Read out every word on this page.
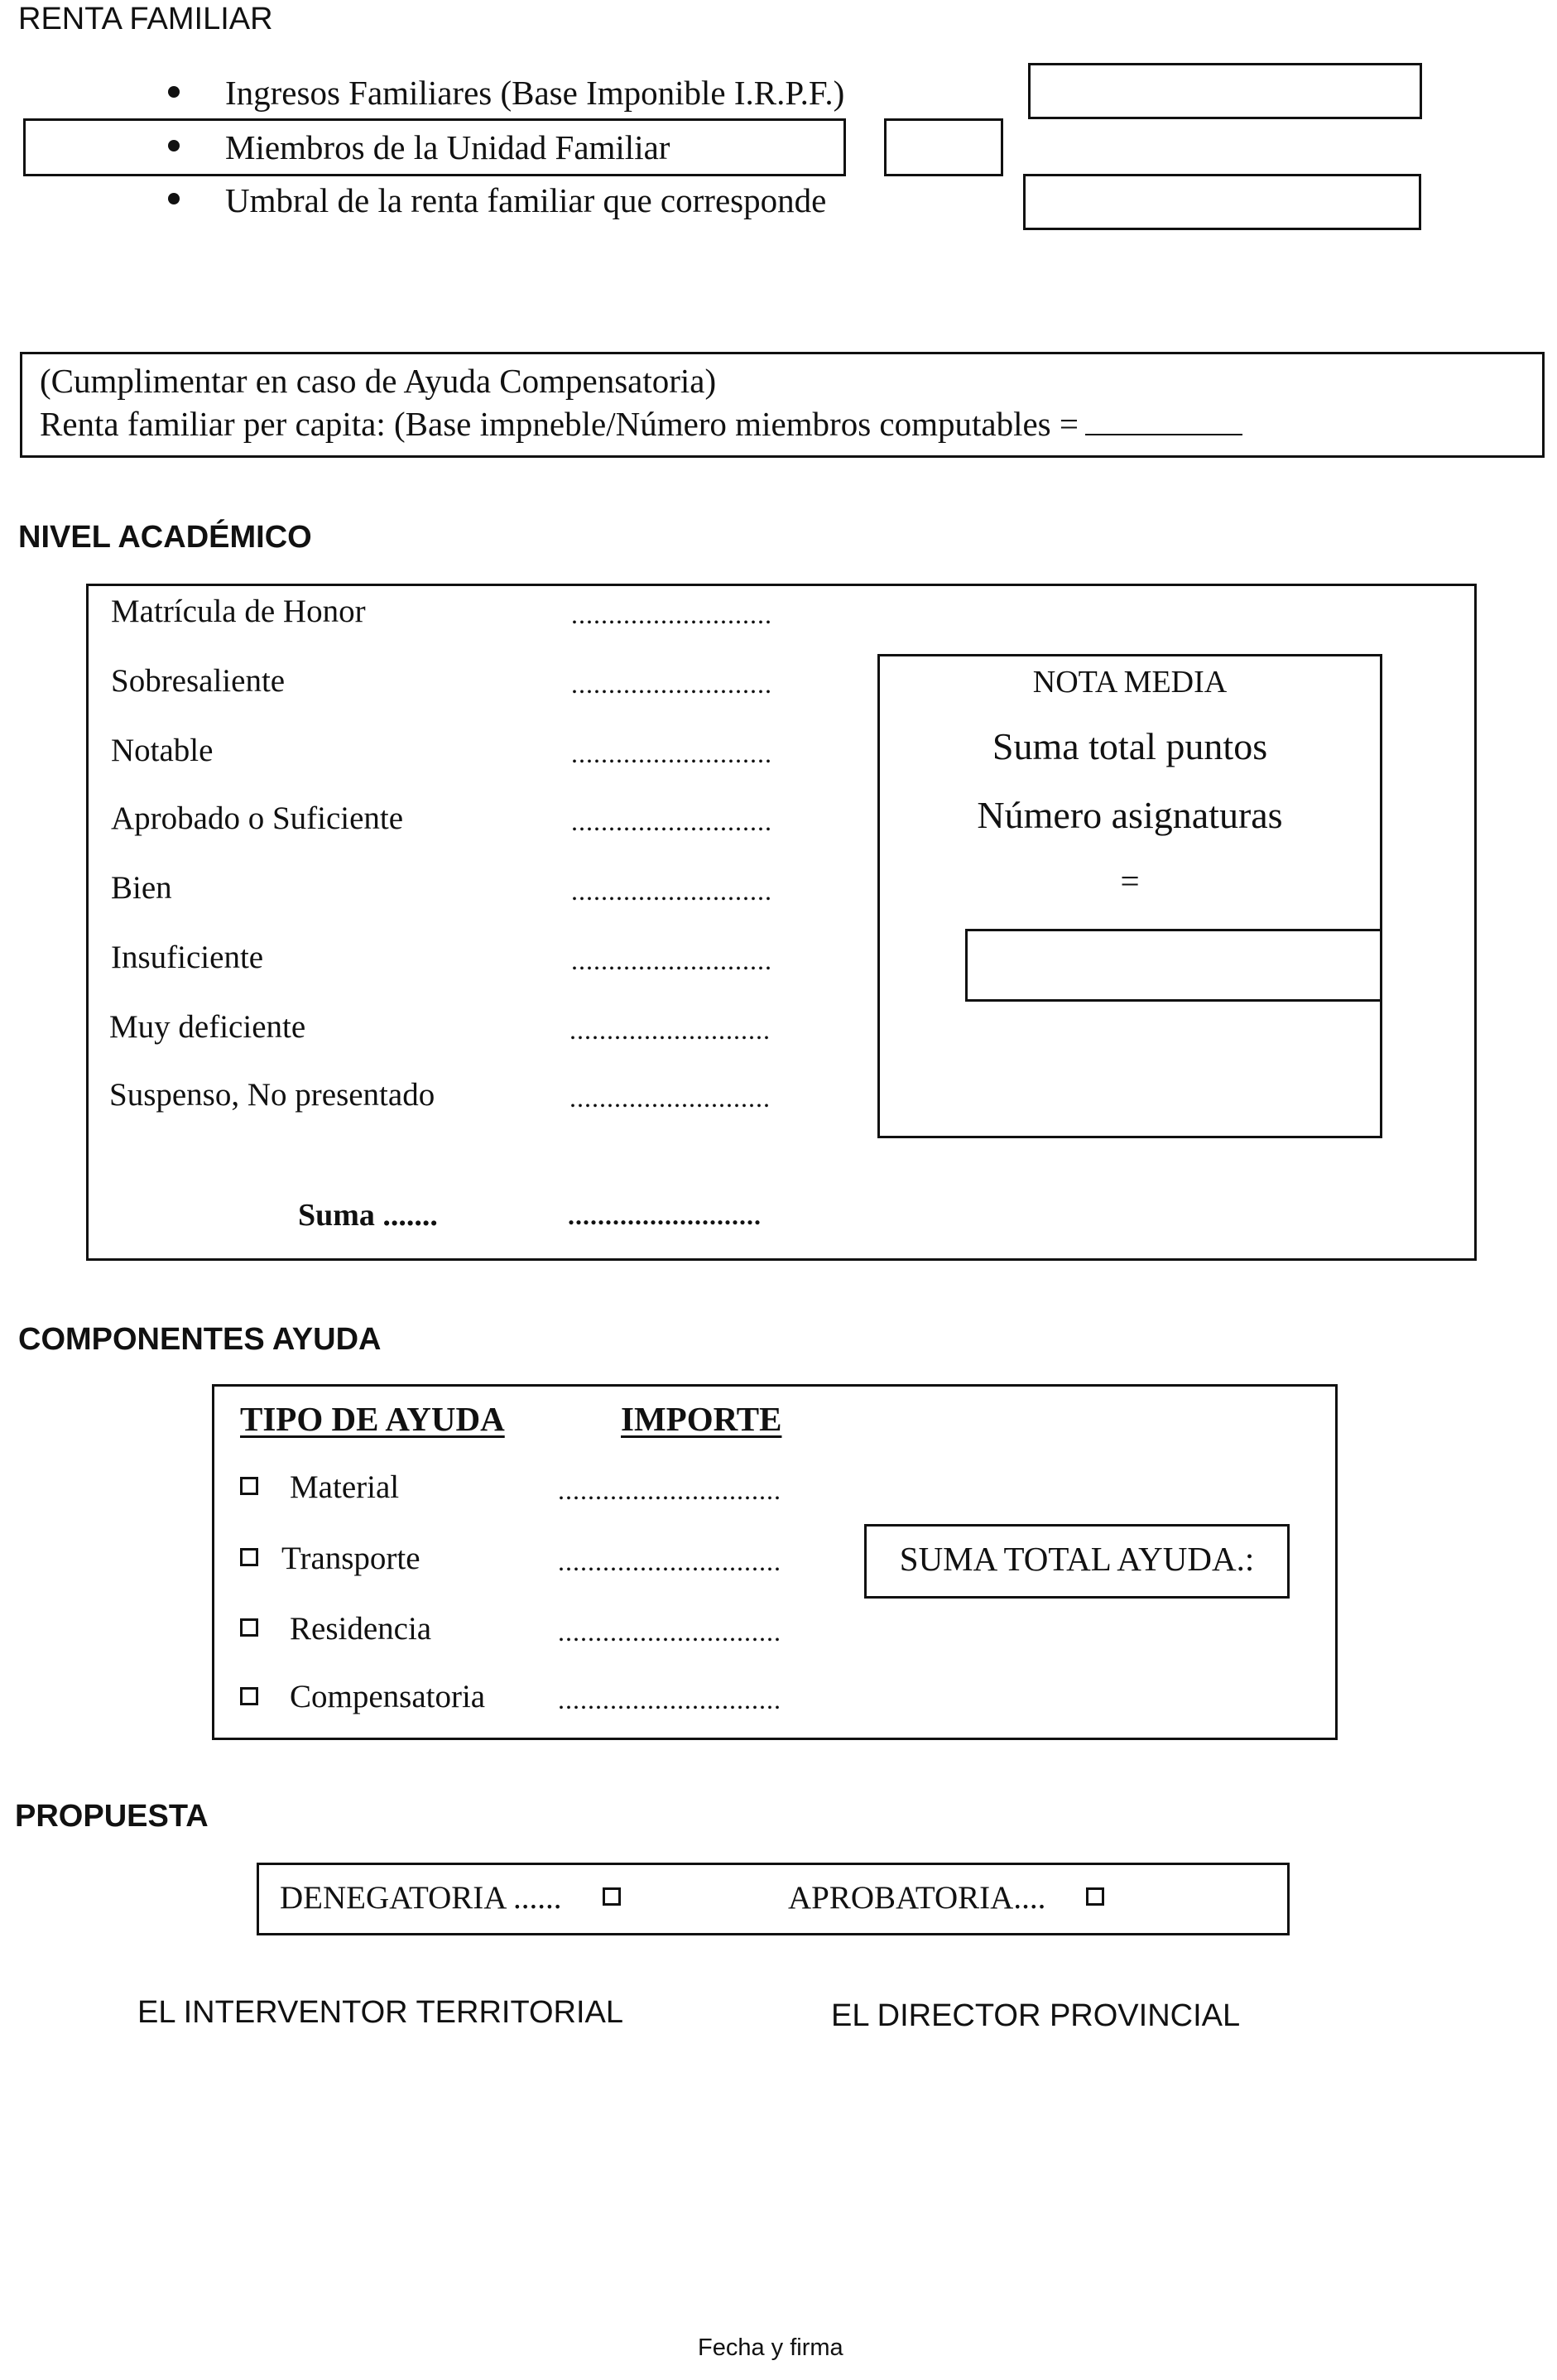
RENTA FAMILIAR
Ingresos Familiares (Base Imponible I.R.P.F.)
Miembros de la Unidad Familiar
Umbral de la renta familiar que corresponde
(Cumplimentar en caso de Ayuda Compensatoria)
Renta familiar per capita: (Base impneble/Número miembros computables =
NIVEL ACADÉMICO
Matrícula de Honor	...........................
Sobresaliente	...........................
Notable	...........................
Aprobado o Suficiente	...........................
Bien	...........................
Insuficiente	...........................
Muy deficiente	...........................
Suspenso, No presentado	...........................
Suma .......	..........................
NOTA MEDIA
Suma total puntos
Número asignaturas
=
COMPONENTES AYUDA
TIPO DE AYUDA	IMPORTE
Material	..............................
Transporte	..............................
Residencia	..............................
Compensatoria	..............................
SUMA TOTAL AYUDA.:
PROPUESTA
DENEGATORIA ......	APROBATORIA....
EL INTERVENTOR TERRITORIAL	EL DIRECTOR PROVINCIAL
Fecha y firma
